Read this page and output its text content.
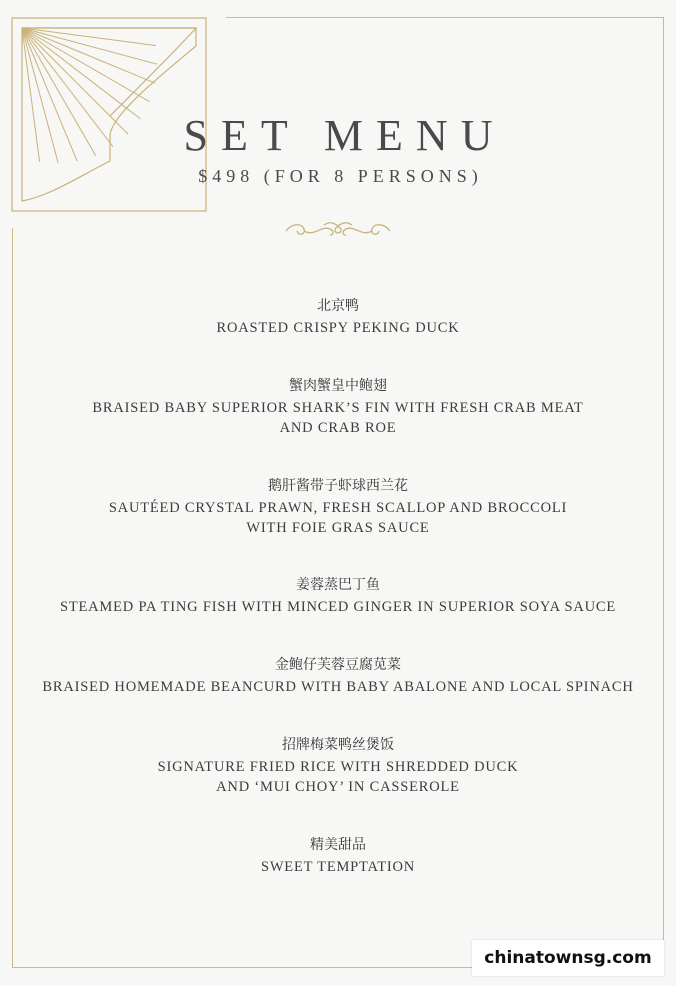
SET MENU
$498 (FOR 8 PERSONS)
北京鸭
ROASTED CRISPY PEKING DUCK
蟹肉蟹皇中鲍翅
BRAISED BABY SUPERIOR SHARK’S FIN WITH FRESH CRAB MEAT
AND CRAB ROE
鹅肝酱带子虾球西兰花
SAUTÉED CRYSTAL PRAWN, FRESH SCALLOP AND BROCCOLI
WITH FOIE GRAS SAUCE
姜蓉蒸巴丁鱼
STEAMED PA TING FISH WITH MINCED GINGER IN SUPERIOR SOYA SAUCE
金鲍仔芙蓉豆腐苋菜
BRAISED HOMEMADE BEANCURD WITH BABY ABALONE AND LOCAL SPINACH
招牌梅菜鸭丝煲饭
SIGNATURE FRIED RICE WITH SHREDDED DUCK
AND ‘MUI CHOY’ IN CASSEROLE
精美甜品
SWEET TEMPTATION
chinatownsg.com
